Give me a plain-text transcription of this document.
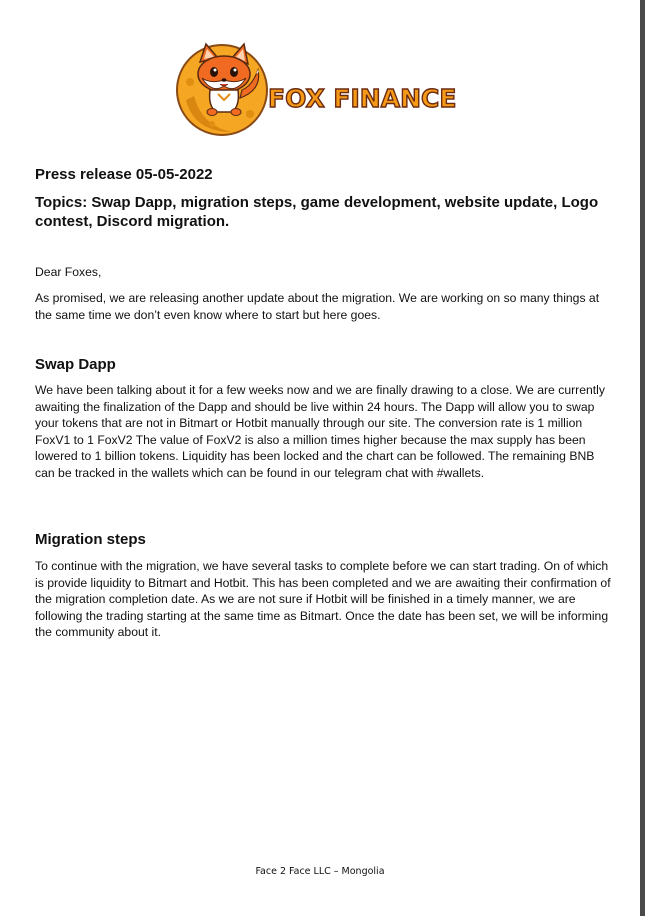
FOX FINANCE
Press release 05-05-2022
Topics: Swap Dapp, migration steps, game development, website update, Logo contest, Discord migration.
Dear Foxes,
As promised, we are releasing another update about the migration. We are working on so many things at the same time we don’t even know where to start but here goes.
Swap Dapp
We have been talking about it for a few weeks now and we are finally drawing to a close. We are currently awaiting the finalization of the Dapp and should be live within 24 hours. The Dapp will allow you to swap your tokens that are not in Bitmart or Hotbit manually through our site. The conversion rate is 1 million FoxV1 to 1 FoxV2 The value of FoxV2 is also a million times higher because the max supply has been lowered to 1 billion tokens. Liquidity has been locked and the chart can be followed. The remaining BNB can be tracked in the wallets which can be found in our telegram chat with #wallets.
Migration steps
To continue with the migration, we have several tasks to complete before we can start trading. On of which is provide liquidity to Bitmart and Hotbit. This has been completed and we are awaiting their confirmation of the migration completion date. As we are not sure if Hotbit will be finished in a timely manner, we are following the trading starting at the same time as Bitmart. Once the date has been set, we will be informing the community about it.
Face 2 Face LLC – Mongolia
